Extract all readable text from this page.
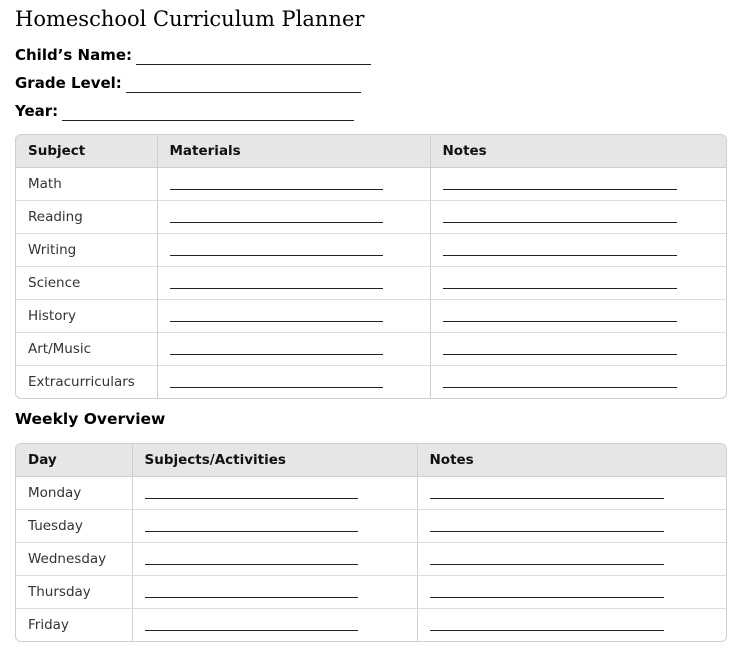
Homeschool Curriculum Planner
Child’s Name:
Grade Level:
Year:
Subject	Materials	Notes
Math	

Reading	

Writing	

Science	

History	

Art/Music	

Extracurriculars	

Weekly Overview
Day	Subjects/Activities	Notes
Monday	

Tuesday	

Wednesday	

Thursday	

Friday	
